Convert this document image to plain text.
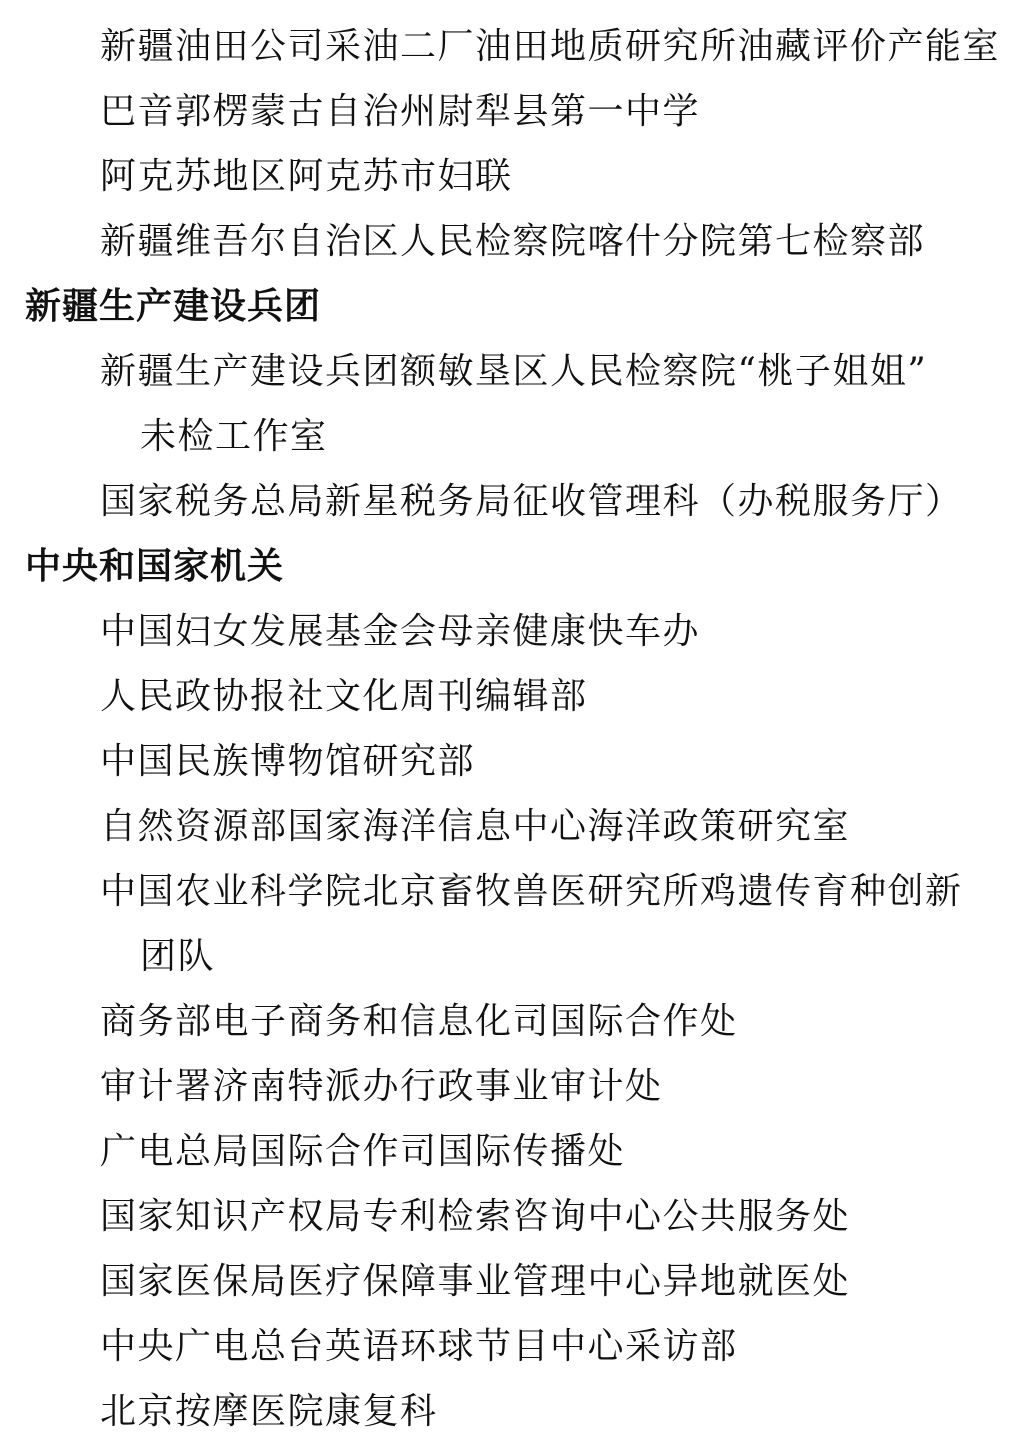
新疆油田公司采油二厂油田地质研究所油藏评价产能室
巴音郭楞蒙古自治州尉犁县第一中学
阿克苏地区阿克苏市妇联
新疆维吾尔自治区人民检察院喀什分院第七检察部
新疆生产建设兵团
新疆生产建设兵团额敏垦区人民检察院“桃子姐姐”
未检工作室
国家税务总局新星税务局征收管理科（办税服务厅）
中央和国家机关
中国妇女发展基金会母亲健康快车办
人民政协报社文化周刊编辑部
中国民族博物馆研究部
自然资源部国家海洋信息中心海洋政策研究室
中国农业科学院北京畜牧兽医研究所鸡遗传育种创新
团队
商务部电子商务和信息化司国际合作处
审计署济南特派办行政事业审计处
广电总局国际合作司国际传播处
国家知识产权局专利检索咨询中心公共服务处
国家医保局医疗保障事业管理中心异地就医处
中央广电总台英语环球节目中心采访部
北京按摩医院康复科
